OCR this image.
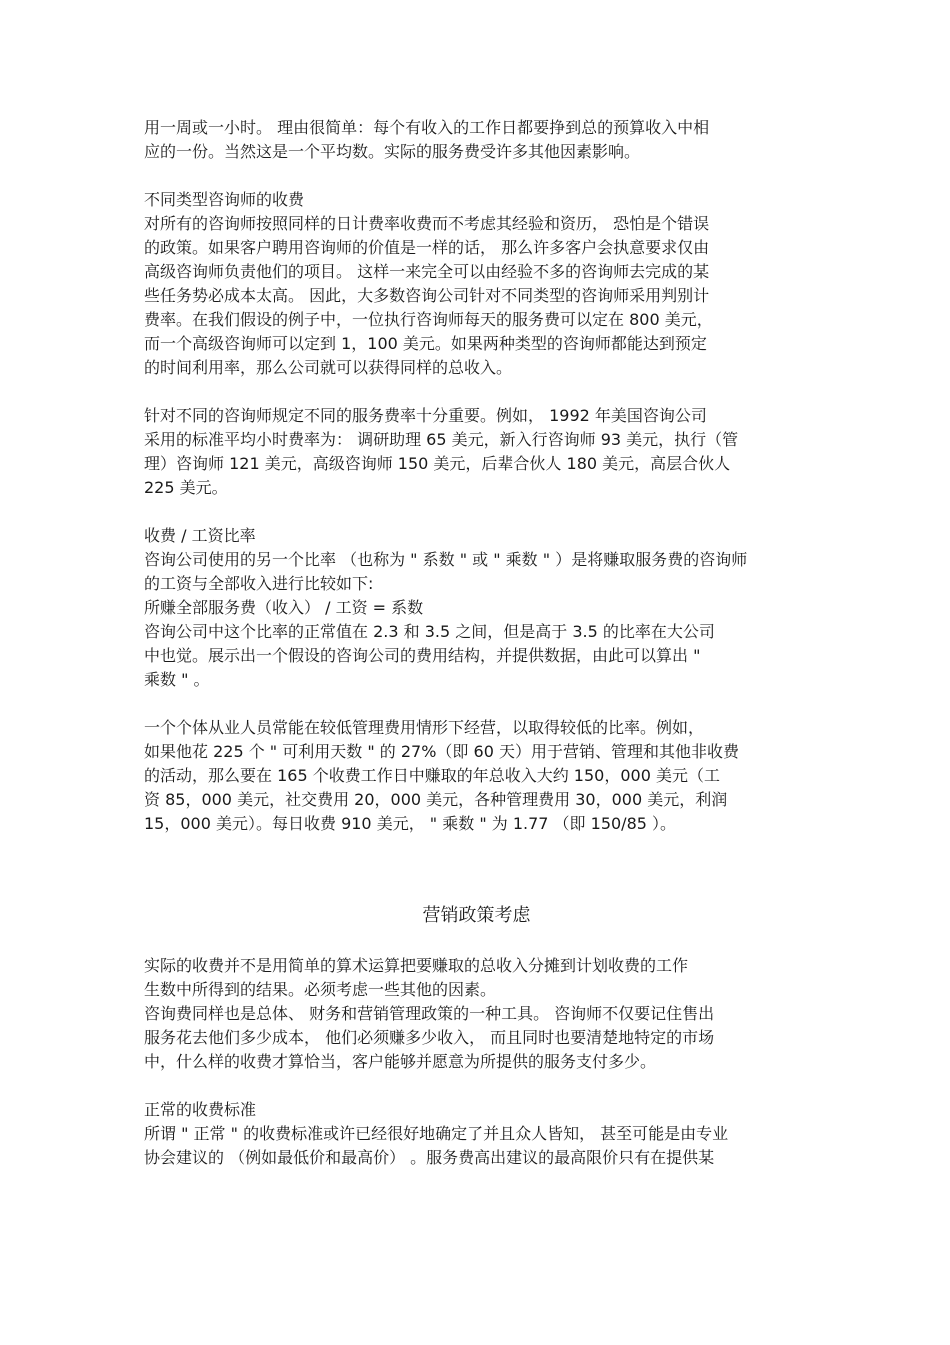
用一周或一小时。 理由很简单：每个有收入的工作日都要挣到总的预算收入中相
应的一份。当然这是一个平均数。实际的服务费受许多其他因素影响。
不同类型咨询师的收费
对所有的咨询师按照同样的日计费率收费而不考虑其经验和资历， 恐怕是个错误
的政策。如果客户聘用咨询师的价值是一样的话， 那么许多客户会执意要求仅由
高级咨询师负责他们的项目。 这样一来完全可以由经验不多的咨询师去完成的某
些任务势必成本太高。 因此，大多数咨询公司针对不同类型的咨询师采用判别计
费率。在我们假设的例子中，一位执行咨询师每天的服务费可以定在 800 美元，
而一个高级咨询师可以定到 1，100 美元。如果两种类型的咨询师都能达到预定
的时间利用率，那么公司就可以获得同样的总收入。
针对不同的咨询师规定不同的服务费率十分重要。例如， 1992 年美国咨询公司
采用的标准平均小时费率为： 调研助理 65 美元，新入行咨询师 93 美元，执行（管
理）咨询师 121 美元，高级咨询师 150 美元，后辈合伙人 180 美元，高层合伙人
225 美元。
收费 / 工资比率
咨询公司使用的另一个比率 （也称为 " 系数 " 或 " 乘数 " ）是将赚取服务费的咨询师
的工资与全部收入进行比较如下:
所赚全部服务费（收入） / 工资 = 系数
咨询公司中这个比率的正常值在 2.3 和 3.5 之间，但是高于 3.5 的比率在大公司
中也觉。展示出一个假设的咨询公司的费用结构，并提供数据，由此可以算出 "
乘数 " 。
一个个体从业人员常能在较低管理费用情形下经营，以取得较低的比率。例如，
如果他花 225 个 " 可利用天数 " 的 27%（即 60 天）用于营销、管理和其他非收费
的活动，那么要在 165 个收费工作日中赚取的年总收入大约 150，000 美元（工
资 85，000 美元，社交费用 20，000 美元，各种管理费用 30，000 美元，利润
15，000 美元）。每日收费 910 美元， " 乘数 " 为 1.77 （即 150/85 ）。
营销政策考虑
实际的收费并不是用简单的算术运算把要赚取的总收入分摊到计划收费的工作
生数中所得到的结果。必须考虑一些其他的因素。
咨询费同样也是总体、 财务和营销管理政策的一种工具。 咨询师不仅要记住售出
服务花去他们多少成本， 他们必须赚多少收入， 而且同时也要清楚地特定的市场
中，什么样的收费才算恰当，客户能够并愿意为所提供的服务支付多少。
正常的收费标准
所谓 " 正常 " 的收费标准或许已经很好地确定了并且众人皆知， 甚至可能是由专业
协会建议的 （例如最低价和最高价） 。服务费高出建议的最高限价只有在提供某
